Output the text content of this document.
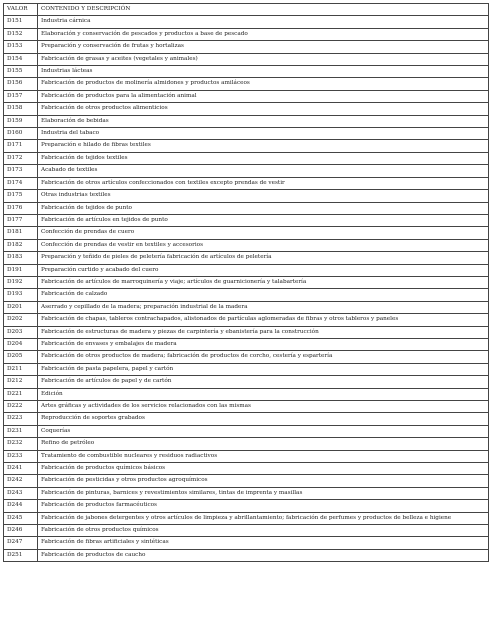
VALOR	CONTENIDO Y DESCRIPCIÓN
D151	Industria cárnica
D152	Elaboración y conservación de pescados y productos a base de pescado
D153	Preparación y conservación de frutas y hortalizas
D154	Fabricación de grasas y aceites (vegetales y animales)
D155	Industrias lácteas
D156	Fabricación de productos de molinería almidones y productos amiláceos
D157	Fabricación de productos para la alimentación animal
D158	Fabricación de otros productos alimenticios
D159	Elaboración de bebidas
D160	Industria del tabaco
D171	Preparación e hilado de fibras textiles
D172	Fabricación de tejidos textiles
D173	Acabado de textiles
D174	Fabricación de otros artículos confeccionados con textiles excepto prendas de vestir
D175	Otras industrias textiles
D176	Fabricación de tejidos de punto
D177	Fabricación de artículos en tejidos de punto
D181	Confección de prendas de cuero
D182	Confección de prendas de vestir en textiles y accesorios
D183	Preparación y teñido de pieles de peletería fabricación de artículos de peletería
D191	Preparación curtido y acabado del cuero
D192	Fabricación de artículos de marroquinería y viaje; artículos de guarnicionería y talabartería
D193	Fabricación de calzado
D201	Aserrado y cepillado de la madera; preparación industrial de la madera
D202	Fabricación de chapas, tableros contrachapados, alistonados de partículas aglomeradas de fibras y otros tableros y paneles
D203	Fabricación de estructuras de madera y piezas de carpintería y ebanistería para la construcción
D204	Fabricación de envases y embalajes de madera
D205	Fabricación de otros productos de madera; fabricación de productos de corcho, cestería y espartería
D211	Fabricación de pasta papelera, papel y cartón
D212	Fabricación de artículos de papel y de cartón
D221	Edición
D222	Artes gráficas y actividades de los servicios relacionados con las mismas
D223	Reproducción de soportes grabados
D231	Coquerías
D232	Refino de petróleo
D233	Tratamiento de combustible nucleares y residuos radiactivos
D241	Fabricación de productos químicos básicos
D242	Fabricación de pesticidas y otros productos agroquímicos
D243	Fabricación de pinturas, barnices y revestimientos similares, tintas de imprenta y masillas
D244	Fabricación de productos farmacéuticos
D245	Fabricación de jabones detergentes y otros artículos de limpieza y abrillantamiento; fabricación de perfumes y productos de belleza e higiene
D246	Fabricación de otros productos químicos
D247	Fabricación de fibras artificiales y sintéticas
D251	Fabricación de productos de caucho
